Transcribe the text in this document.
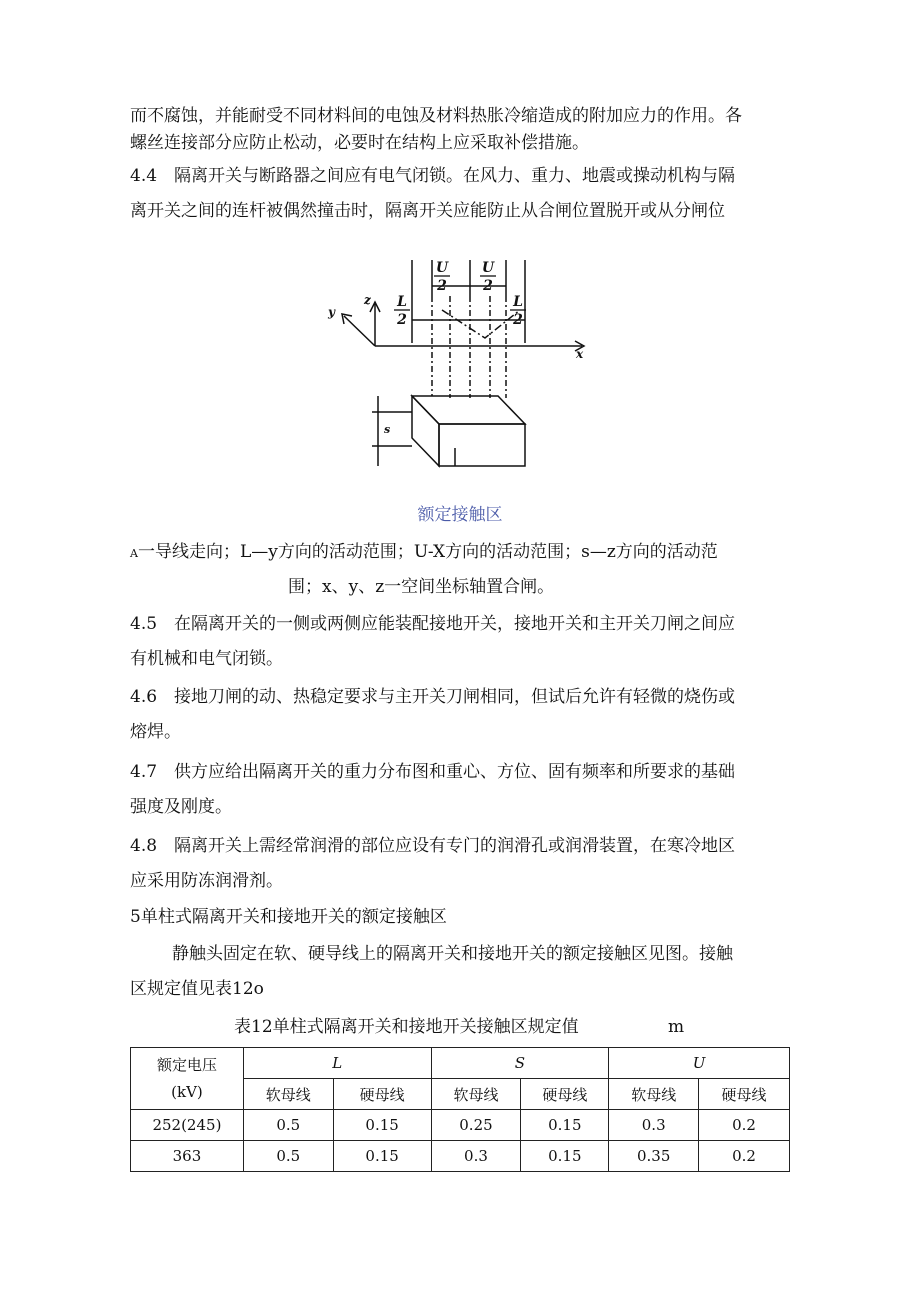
而不腐蚀，并能耐受不同材料间的电蚀及材料热胀冷缩造成的附加应力的作用。各
螺丝连接部分应防止松动，必要时在结构上应采取补偿措施。
4.4 隔离开关与断路器之间应有电气闭锁。在风力、重力、地震或操动机构与隔
离开关之间的连杆被偶然撞击时，隔离开关应能防止从合闸位置脱开或从分闸位
U
2
U
2
L
2
L
2
x
y
z
s
额定接触区
A一导线走向；L—y方向的活动范围；U-X方向的活动范围；s—z方向的活动范
围；x、y、z一空间坐标轴置合闸。
4.5 在隔离开关的一侧或两侧应能装配接地开关，接地开关和主开关刀闸之间应
有机械和电气闭锁。
4.6 接地刀闸的动、热稳定要求与主开关刀闸相同，但试后允许有轻微的烧伤或
熔焊。
4.7 供方应给出隔离开关的重力分布图和重心、方位、固有频率和所要求的基础
强度及刚度。
4.8 隔离开关上需经常润滑的部位应设有专门的润滑孔或润滑装置，在寒冷地区
应采用防冻润滑剂。
5单柱式隔离开关和接地开关的额定接触区
静触头固定在软、硬导线上的隔离开关和接地开关的额定接触区见图。接触
区规定值见表12o
表12单柱式隔离开关和接地开关接触区规定值	m
额定电压
(kV)	L		S		U	
	软母线	硬母线	软母线	硬母线	软母线	硬母线
252(245)	0.5	0.15	0.25	0.15	0.3	0.2
363	0.5	0.15	0.3	0.15	0.35	0.2
